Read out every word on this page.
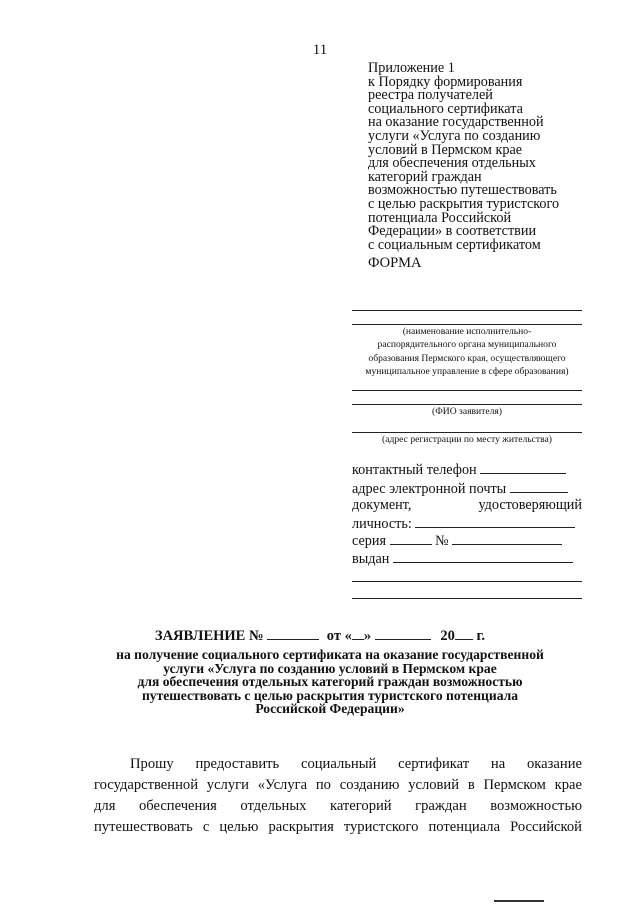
11
Приложение 1
к Порядку формирования
реестра получателей
социального сертификата
на оказание государственной
услуги «Услуга по созданию
условий в Пермском крае
для обеспечения отдельных
категорий граждан
возможностью путешествовать
с целью раскрытия туристского
потенциала Российской
Федерации» в соответствии
с социальным сертификатом
ФОРМА
(наименование исполнительно-
распорядительного органа муниципального
образования Пермского края, осуществляющего
муниципальное управление в сфере образования)
(ФИО заявителя)
(адрес регистрации по месту жительства)
контактный телефон
адрес электронной почты
документ,	удостоверяющий
личность:
серия	№
выдан
ЗАЯВЛЕНИЕ №	от « »	20 г.
на получение социального сертификата на оказание государственной
услуги «Услуга по созданию условий в Пермском крае
для обеспечения отдельных категорий граждан возможностью
путешествовать с целью раскрытия туристского потенциала
Российской Федерации»
Прошу предоставить социальный сертификат на оказание
государственной услуги «Услуга по созданию условий в Пермском крае
для обеспечения отдельных категорий граждан возможностью
путешествовать с целью раскрытия туристского потенциала Российской
